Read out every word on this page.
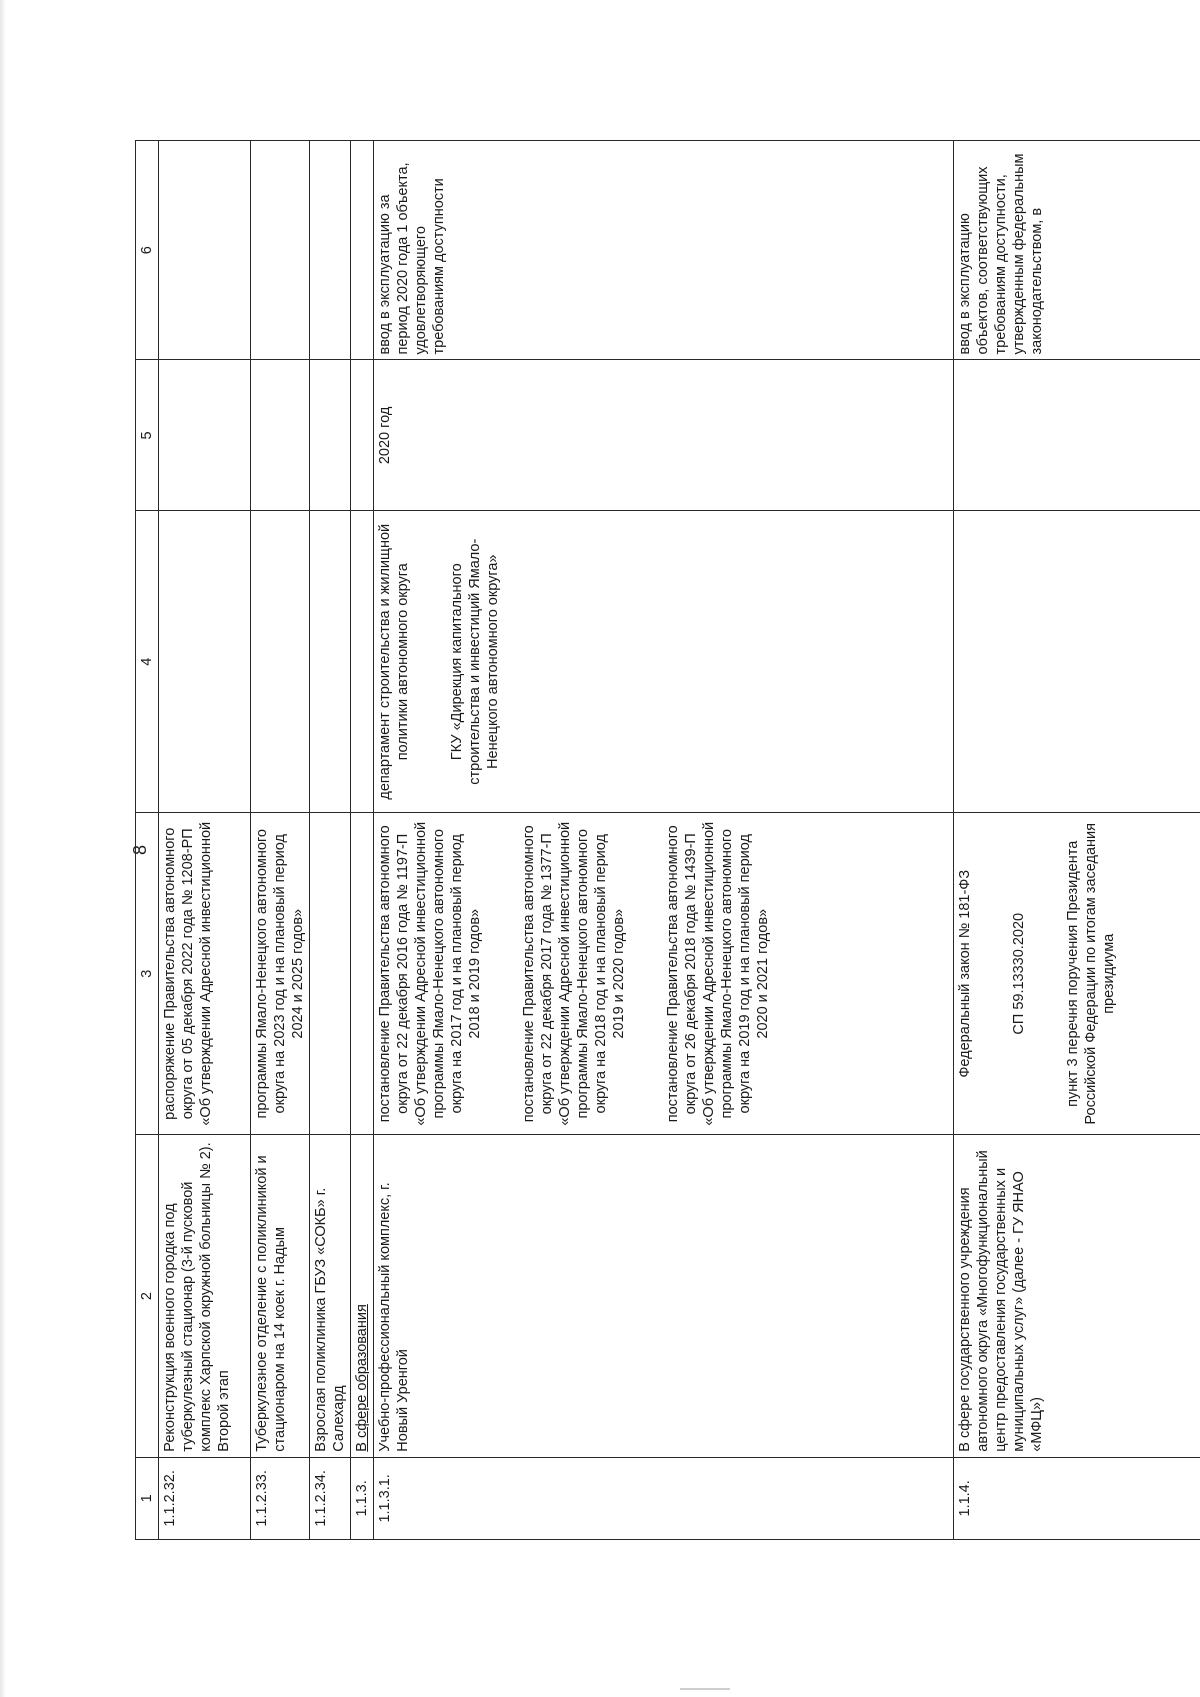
8
1	2	3	4	5	6
1.1.2.32.	Реконструкция военного городка под туберкулезный стационар (3-й пусковой комплекс Харпской окружной больницы № 2). Второй этап	распоряжение Правительства автономного округа от 05 декабря 2022 года № 1208-РП «Об утверждении Адресной инвестиционной			
1.1.2.33.	Туберкулезное отделение с поликлиникой и стационаром на 14 коек г. Надым	программы Ямало-Ненецкого автономного округа на 2023 год и на плановый период 2024 и 2025 годов»			
1.1.2.34.	Взрослая поликлиника ГБУЗ «СОКБ» г. Салехард				
1.1.3.	В сфере образования				
1.1.3.1.	Учебно-профессиональный комплекс, г. Новый Уренгой	постановление Правительства автономного округа от 22 декабря 2016 года № 1197-П «Об утверждении Адресной инвестиционной программы Ямало-Ненецкого автономного округа на 2017 год и на плановый период 2018 и 2019 годов» постановление Правительства автономного округа от 22 декабря 2017 года № 1377-П «Об утверждении Адресной инвестиционной программы Ямало-Ненецкого автономного округа на 2018 год и на плановый период 2019 и 2020 годов» постановление Правительства автономного округа от 26 декабря 2018 года № 1439-П «Об утверждении Адресной инвестиционной программы Ямало-Ненецкого автономного округа на 2019 год и на плановый период 2020 и 2021 годов»	департамент строительства и жилищной политики автономного округа ГКУ «Дирекция капитального строительства и инвестиций Ямало-Ненецкого автономного округа»	2020 год	ввод в эксплуатацию за период 2020 года 1 объекта, удовлетворяющего требованиям доступности
1.1.4.	В сфере государственного учреждения автономного округа «Многофункциональный центр предоставления государственных и муниципальных услуг» (далее - ГУ ЯНАО «МФЦ»)	Федеральный закон № 181-ФЗ СП 59.13330.2020 пункт 3 перечня поручения Президента Российской Федерации по итогам заседания президиума			ввод в эксплуатацию объектов, соответствующих требованиям доступности, утвержденным федеральным законодательством, в
